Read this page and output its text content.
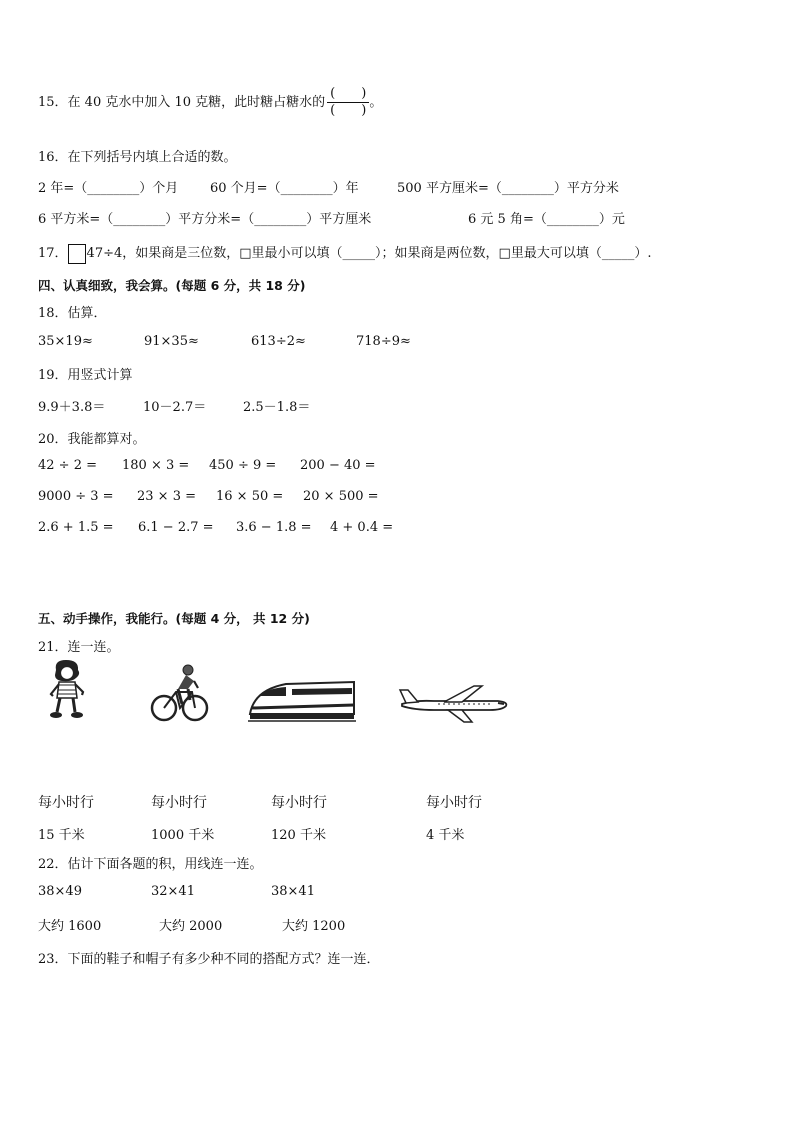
15．在 40 克水中加入 10 克糖，此时糖占糖水的 $\frac{( )}{( )}$ 。
16．在下列括号内填上合适的数。
2 年=（________）个月 60 个月=（________）年	500 平方厘米=（________）平方分米
6 平方米=（________）平方分米=（________）平方厘米	6 元 5 角=（________）元
17． 47÷4，如果商是三位数，□里最小可以填（_____）；如果商是两位数，□里最大可以填（_____）.
四、认真细致，我会算。(每题 6 分，共 18 分)
18．估算．
35×19≈	91×35≈	613÷2≈	718÷9≈
19．用竖式计算
9.9＋3.8＝	10－2.7＝	2.5－1.8＝
20．我能都算对。
42 ÷ 2 = 180 × 3 = 450 ÷ 9 = 200 − 40 =
9000 ÷ 3 = 23 × 3 = 16 × 50 = 20 × 500 =
2.6 + 1.5 = 6.1 − 2.7 = 3.6 − 1.8 = 4 + 0.4 =
五、动手操作，我能行。(每题 4 分， 共 12 分)
21．连一连。
每小时行	每小时行	每小时行	每小时行
15 千米	1000 千米	120 千米	4 千米
22．估计下面各题的积，用线连一连。
38×49	32×41	38×41
大约 1600	大约 2000	大约 1200
23．下面的鞋子和帽子有多少种不同的搭配方式？连一连．
